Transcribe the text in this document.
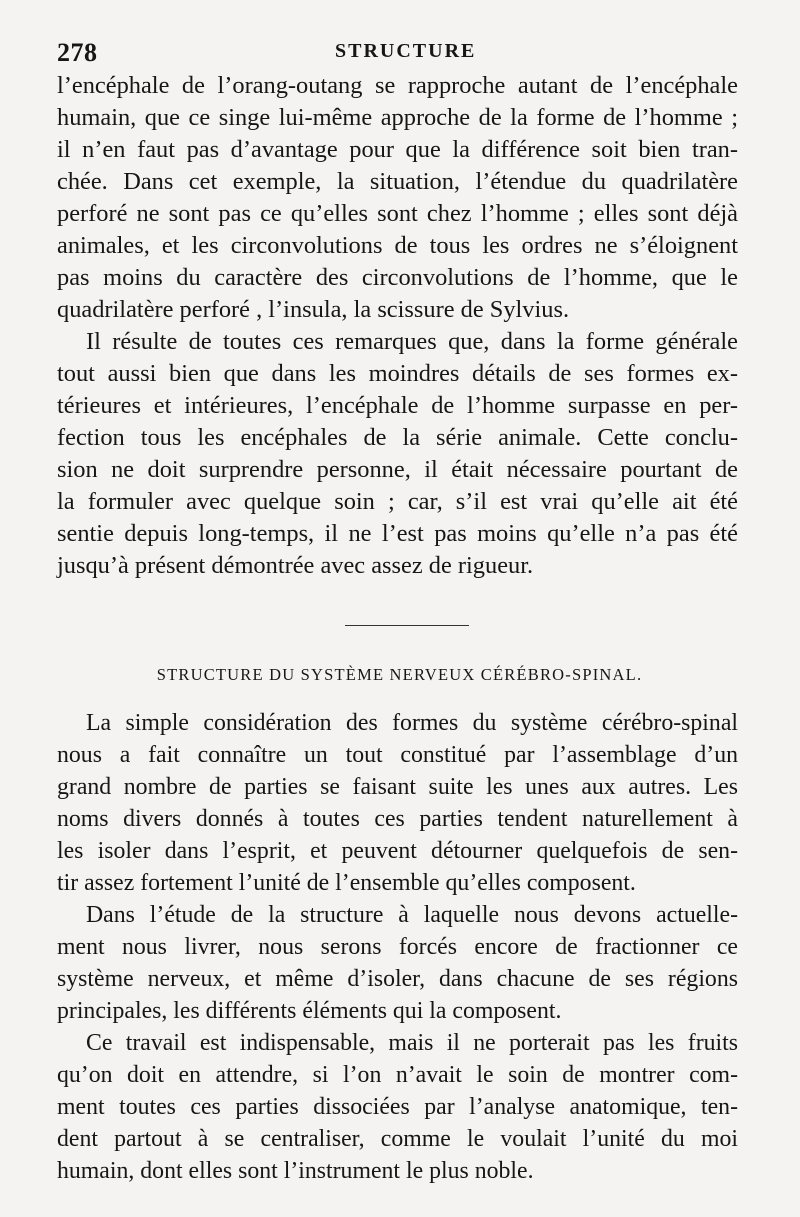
278	STRUCTURE
l’encéphale de l’orang-outang se rapproche autant de l’encéphale
humain, que ce singe lui-même approche de la forme de l’homme ;
il n’en faut pas d’avantage pour que la différence soit bien tran-
chée. Dans cet exemple, la situation, l’étendue du quadrilatère
perforé ne sont pas ce qu’elles sont chez l’homme ; elles sont déjà
animales, et les circonvolutions de tous les ordres ne s’éloignent
pas moins du caractère des circonvolutions de l’homme, que le
quadrilatère perforé , l’insula, la scissure de Sylvius.
Il résulte de toutes ces remarques que, dans la forme générale
tout aussi bien que dans les moindres détails de ses formes ex-
térieures et intérieures, l’encéphale de l’homme surpasse en per-
fection tous les encéphales de la série animale. Cette conclu-
sion ne doit surprendre personne, il était nécessaire pourtant de
la formuler avec quelque soin ; car, s’il est vrai qu’elle ait été
sentie depuis long-temps, il ne l’est pas moins qu’elle n’a pas été
jusqu’à présent démontrée avec assez de rigueur.
STRUCTURE DU SYSTÈME NERVEUX CÉRÉBRO-SPINAL.
La simple considération des formes du système cérébro-spinal
nous a fait connaître un tout constitué par l’assemblage d’un
grand nombre de parties se faisant suite les unes aux autres. Les
noms divers donnés à toutes ces parties tendent naturellement à
les isoler dans l’esprit, et peuvent détourner quelquefois de sen-
tir assez fortement l’unité de l’ensemble qu’elles composent.
Dans l’étude de la structure à laquelle nous devons actuelle-
ment nous livrer, nous serons forcés encore de fractionner ce
système nerveux, et même d’isoler, dans chacune de ses régions
principales, les différents éléments qui la composent.
Ce travail est indispensable, mais il ne porterait pas les fruits
qu’on doit en attendre, si l’on n’avait le soin de montrer com-
ment toutes ces parties dissociées par l’analyse anatomique, ten-
dent partout à se centraliser, comme le voulait l’unité du moi
humain, dont elles sont l’instrument le plus noble.
